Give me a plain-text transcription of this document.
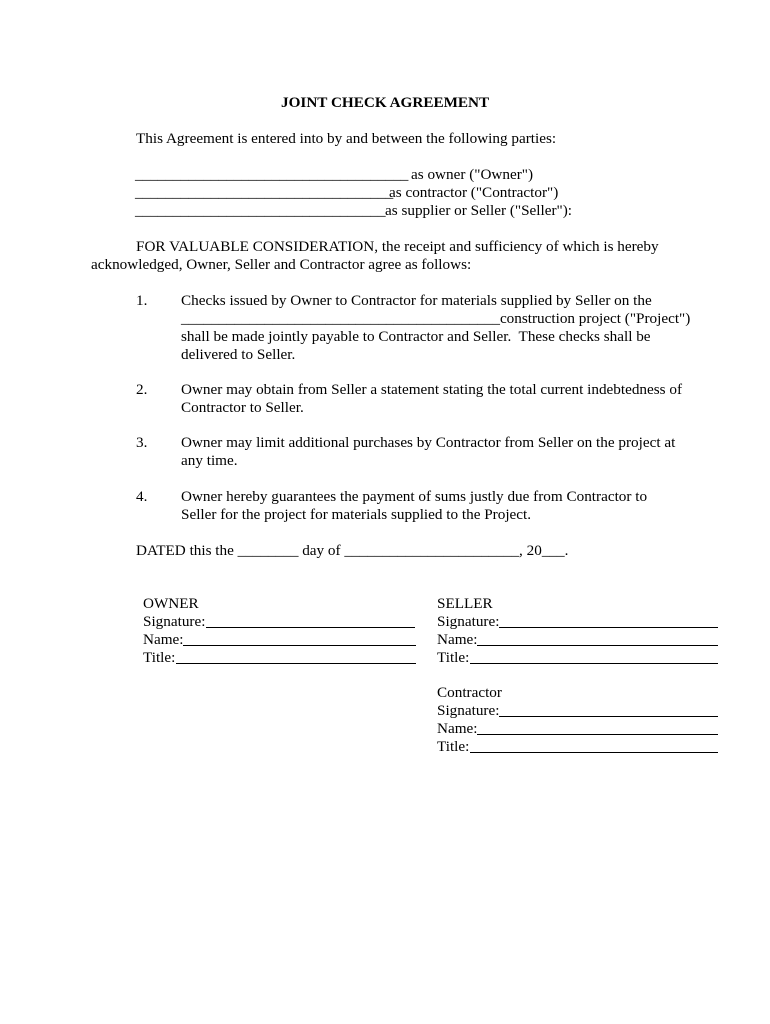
JOINT CHECK AGREEMENT
This Agreement is entered into by and between the following parties:
____________________________________ as owner ("Owner")
__________________________________
as contractor ("Contractor")
_________________________________ as supplier or Seller ("Seller"):
FOR VALUABLE CONSIDERATION, the receipt and sufficiency of which is hereby
acknowledged, Owner, Seller and Contractor agree as follows:
1. Checks issued by Owner to Contractor for materials supplied by Seller on the
__________________________________________construction project ("Project")
shall be made jointly payable to Contractor and Seller.  These checks shall be
delivered to Seller.
2. Owner may obtain from Seller a statement stating the total current indebtedness of
Contractor to Seller.
3. Owner may limit additional purchases by Contractor from Seller on the project at
any time.
4. Owner hereby guarantees the payment of sums justly due from Contractor to
Seller for the project for materials supplied to the Project.
DATED this the ________ day of _______________________, 20___.
OWNER
Signature:
Name:
Title:
SELLER
Signature:
Name:
Title:
Contractor
Signature:
Name:
Title:
